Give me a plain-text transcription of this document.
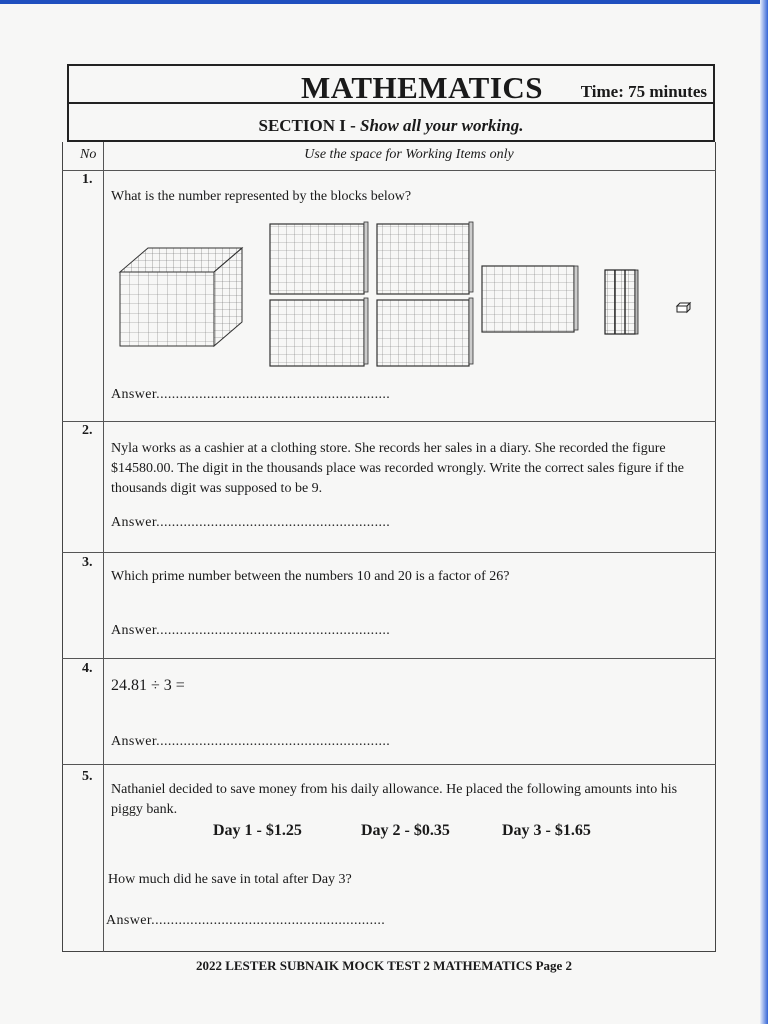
MATHEMATICS Time: 75 minutes
SECTION I - Show all your working.
No	Use the space for Working Items only
1.
What is the number represented by the blocks below?
Answer............................................................
2.
Nyla works as a cashier at a clothing store. She records her sales in a diary. She recorded the figure $14580.00. The digit in the thousands place was recorded wrongly. Write the correct sales figure if the thousands digit was supposed to be 9.
Answer............................................................
3.
Which prime number between the numbers 10 and 20 is a factor of 26?
Answer............................................................
4.
24.81 ÷ 3 =
Answer............................................................
5.
Nathaniel decided to save money from his daily allowance. He placed the following amounts into his piggy bank.
Day 1 - $1.25	Day 2 - $0.35	Day 3 - $1.65
How much did he save in total after Day 3?
Answer............................................................
2022 LESTER SUBNAIK MOCK TEST 2 MATHEMATICS Page 2
